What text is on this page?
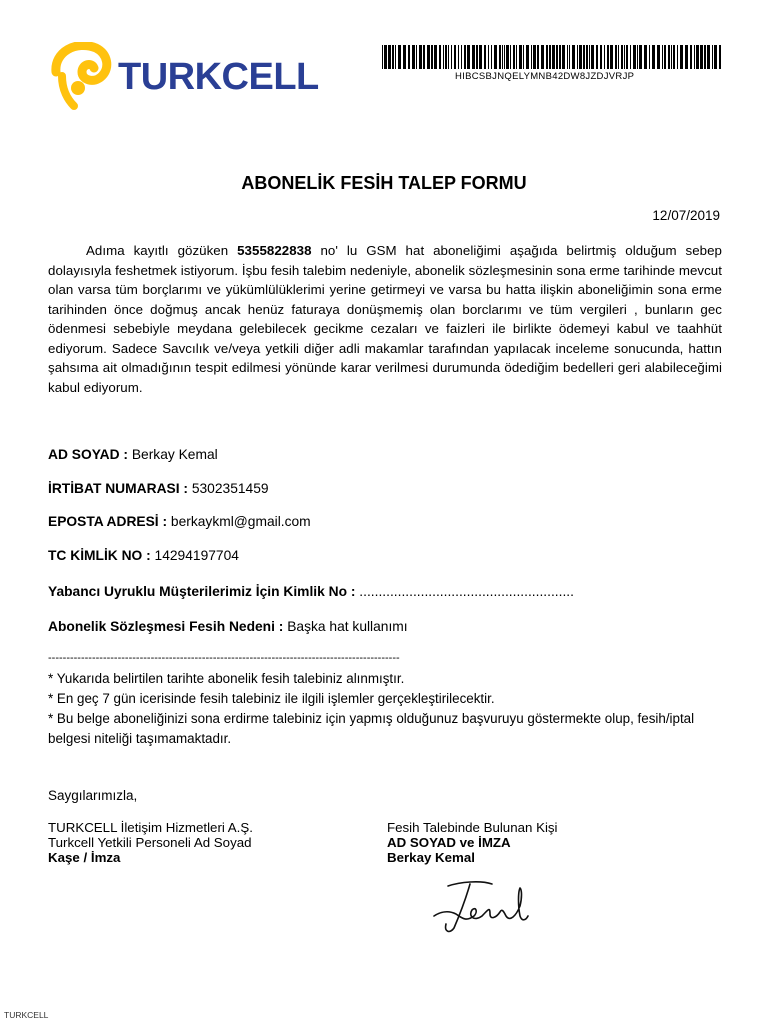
TURKCELL	HIBCSBJNQELYMNB42DW8JZDJVRJP
ABONELİK FESİH TALEP FORMU
12/07/2019
Adıma kayıtlı gözüken 5355822838 no' lu GSM hat aboneliğimi aşağıda belirtmiş olduğum sebep dolayısıyla feshetmek istiyorum. İşbu fesih talebim nedeniyle, abonelik sözleşmesinin sona erme tarihinde mevcut olan varsa tüm borçlarımı ve yükümlülüklerimi yerine getirmeyi ve varsa bu hatta ilişkin aboneliğimin sona erme tarihinden önce doğmuş ancak henüz faturaya donüşmemiş olan borclarımı ve tüm vergileri , bunların gec ödenmesi sebebiyle meydana gelebilecek gecikme cezaları ve faizleri ile birlikte ödemeyi kabul ve taahhüt ediyorum. Sadece Savcılık ve/veya yetkili diğer adli makamlar tarafından yapılacak inceleme sonucunda, hattın şahsıma ait olmadığının tespit edilmesi yönünde karar verilmesi durumunda ödediğim bedelleri geri alabileceğimi kabul ediyorum.
AD SOYAD : Berkay Kemal
İRTİBAT NUMARASI : 5302351459
EPOSTA ADRESİ : berkaykml@gmail.com
TC KİMLİK NO : 14294197704
Yabancı Uyruklu Müşterilerimiz İçin Kimlik No : ........................................................
Abonelik Sözleşmesi Fesih Nedeni : Başka hat kullanımı
------------------------------------------------------------------------------------------------
* Yukarıda belirtilen tarihte abonelik fesih talebiniz alınmıştır.
* En geç 7 gün icerisinde fesih talebiniz ile ilgili işlemler gerçekleştirilecektir.
* Bu belge aboneliğinizi sona erdirme talebiniz için yapmış olduğunuz başvuruyu göstermekte olup, fesih/iptal belgesi niteliği taşımamaktadır.
Saygılarımızla,
TURKCELL İletişim Hizmetleri A.Ş.
Turkcell Yetkili Personeli Ad Soyad
Kaşe / İmza
Fesih Talebinde Bulunan Kişi
AD SOYAD ve İMZA
Berkay Kemal
TURKCELL
